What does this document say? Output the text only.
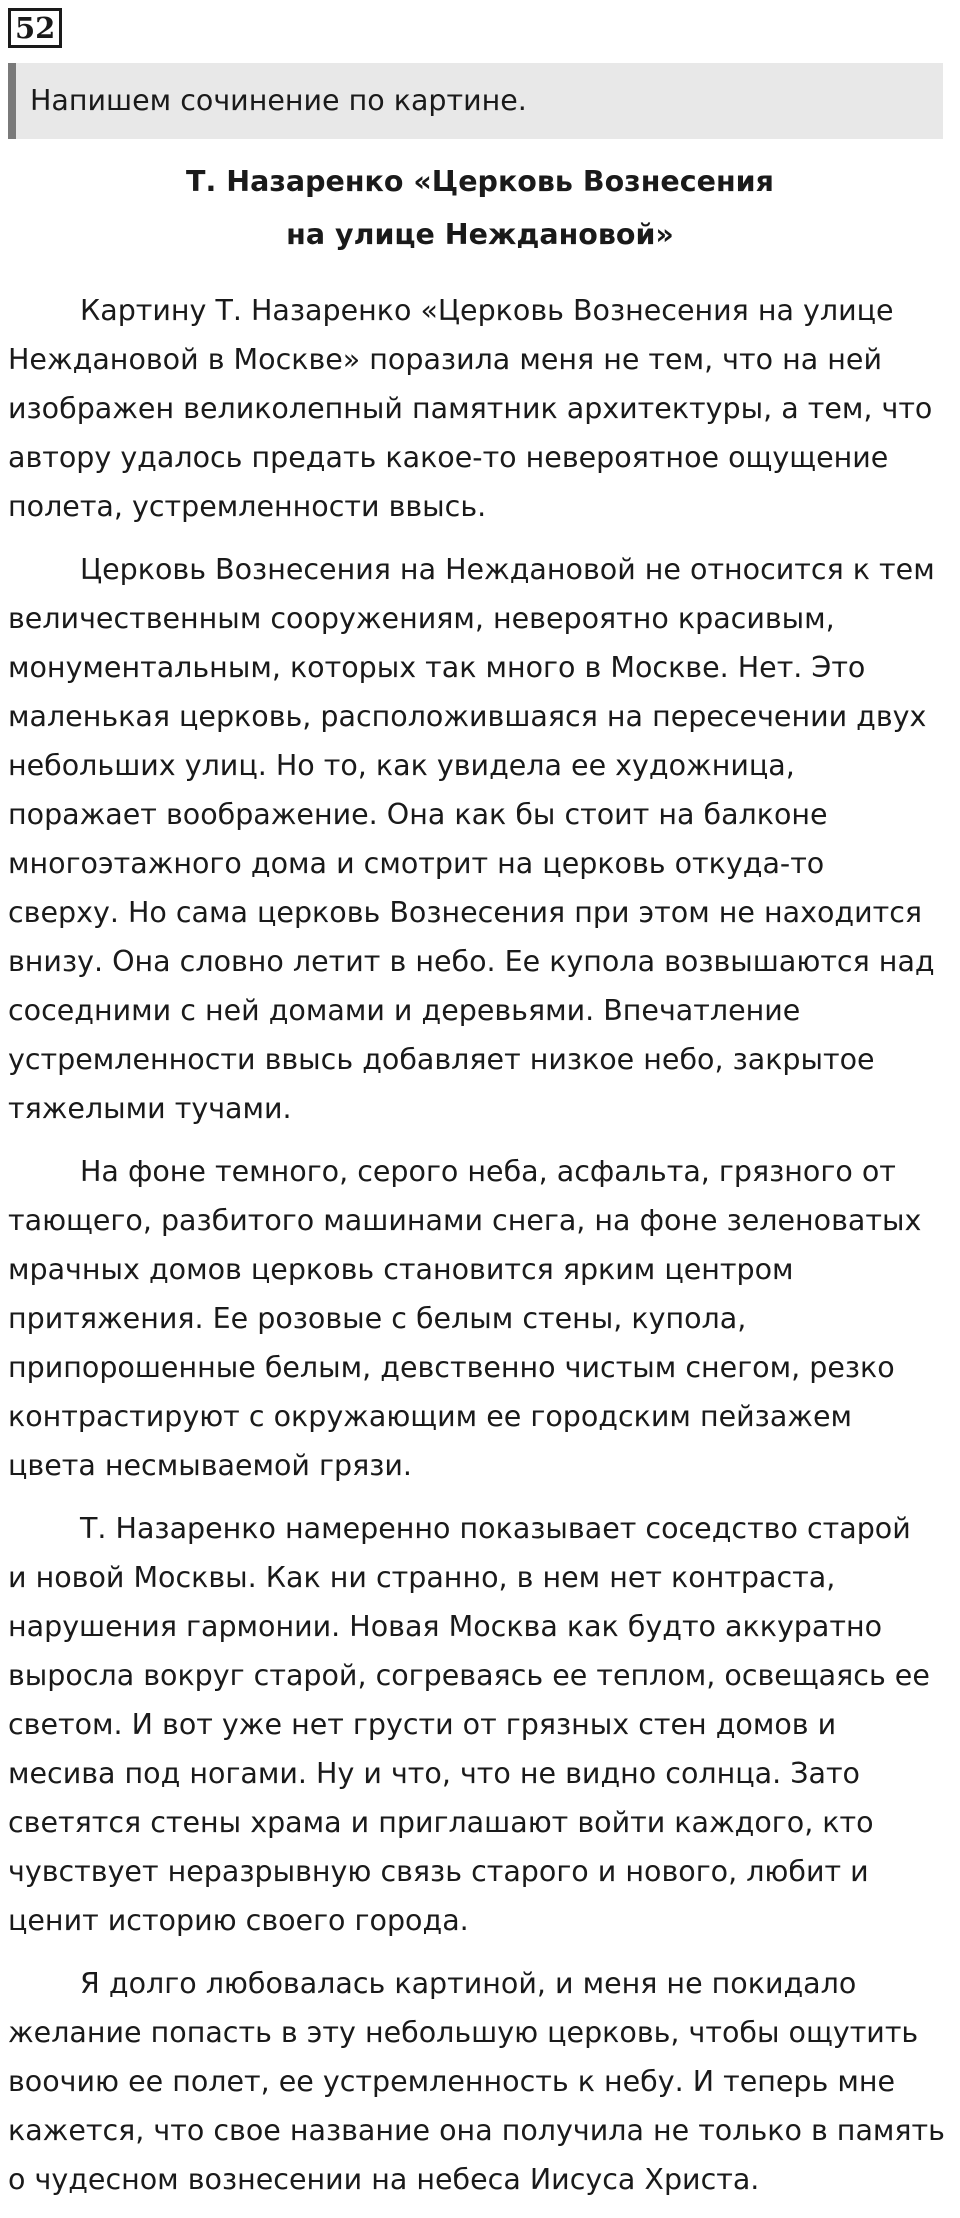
52
Напишем сочинение по картине.
Т. Назаренко «Церковь Вознесения
на улице Неждановой»
Картину Т. Назаренко «Церковь Вознесения на улице
Неждановой в Москве» поразила меня не тем, что на ней
изображен великолепный памятник архитектуры, а тем, что
автору удалось предать какое-то невероятное ощущение
полета, устремленности ввысь.
Церковь Вознесения на Неждановой не относится к тем
величественным сооружениям, невероятно красивым,
монументальным, которых так много в Москве. Нет. Это
маленькая церковь, расположившаяся на пересечении двух
небольших улиц. Но то, как увидела ее художница,
поражает воображение. Она как бы стоит на балконе
многоэтажного дома и смотрит на церковь откуда-то
сверху. Но сама церковь Вознесения при этом не находится
внизу. Она словно летит в небо. Ее купола возвышаются над
соседними с ней домами и деревьями. Впечатление
устремленности ввысь добавляет низкое небо, закрытое
тяжелыми тучами.
На фоне темного, серого неба, асфальта, грязного от
тающего, разбитого машинами снега, на фоне зеленоватых
мрачных домов церковь становится ярким центром
притяжения. Ее розовые с белым стены, купола,
припорошенные белым, девственно чистым снегом, резко
контрастируют с окружающим ее городским пейзажем
цвета несмываемой грязи.
Т. Назаренко намеренно показывает соседство старой
и новой Москвы. Как ни странно, в нем нет контраста,
нарушения гармонии. Новая Москва как будто аккуратно
выросла вокруг старой, согреваясь ее теплом, освещаясь ее
светом. И вот уже нет грусти от грязных стен домов и
месива под ногами. Ну и что, что не видно солнца. Зато
светятся стены храма и приглашают войти каждого, кто
чувствует неразрывную связь старого и нового, любит и
ценит историю своего города.
Я долго любовалась картиной, и меня не покидало
желание попасть в эту небольшую церковь, чтобы ощутить
воочию ее полет, ее устремленность к небу. И теперь мне
кажется, что свое название она получила не только в память
о чудесном вознесении на небеса Иисуса Христа.
